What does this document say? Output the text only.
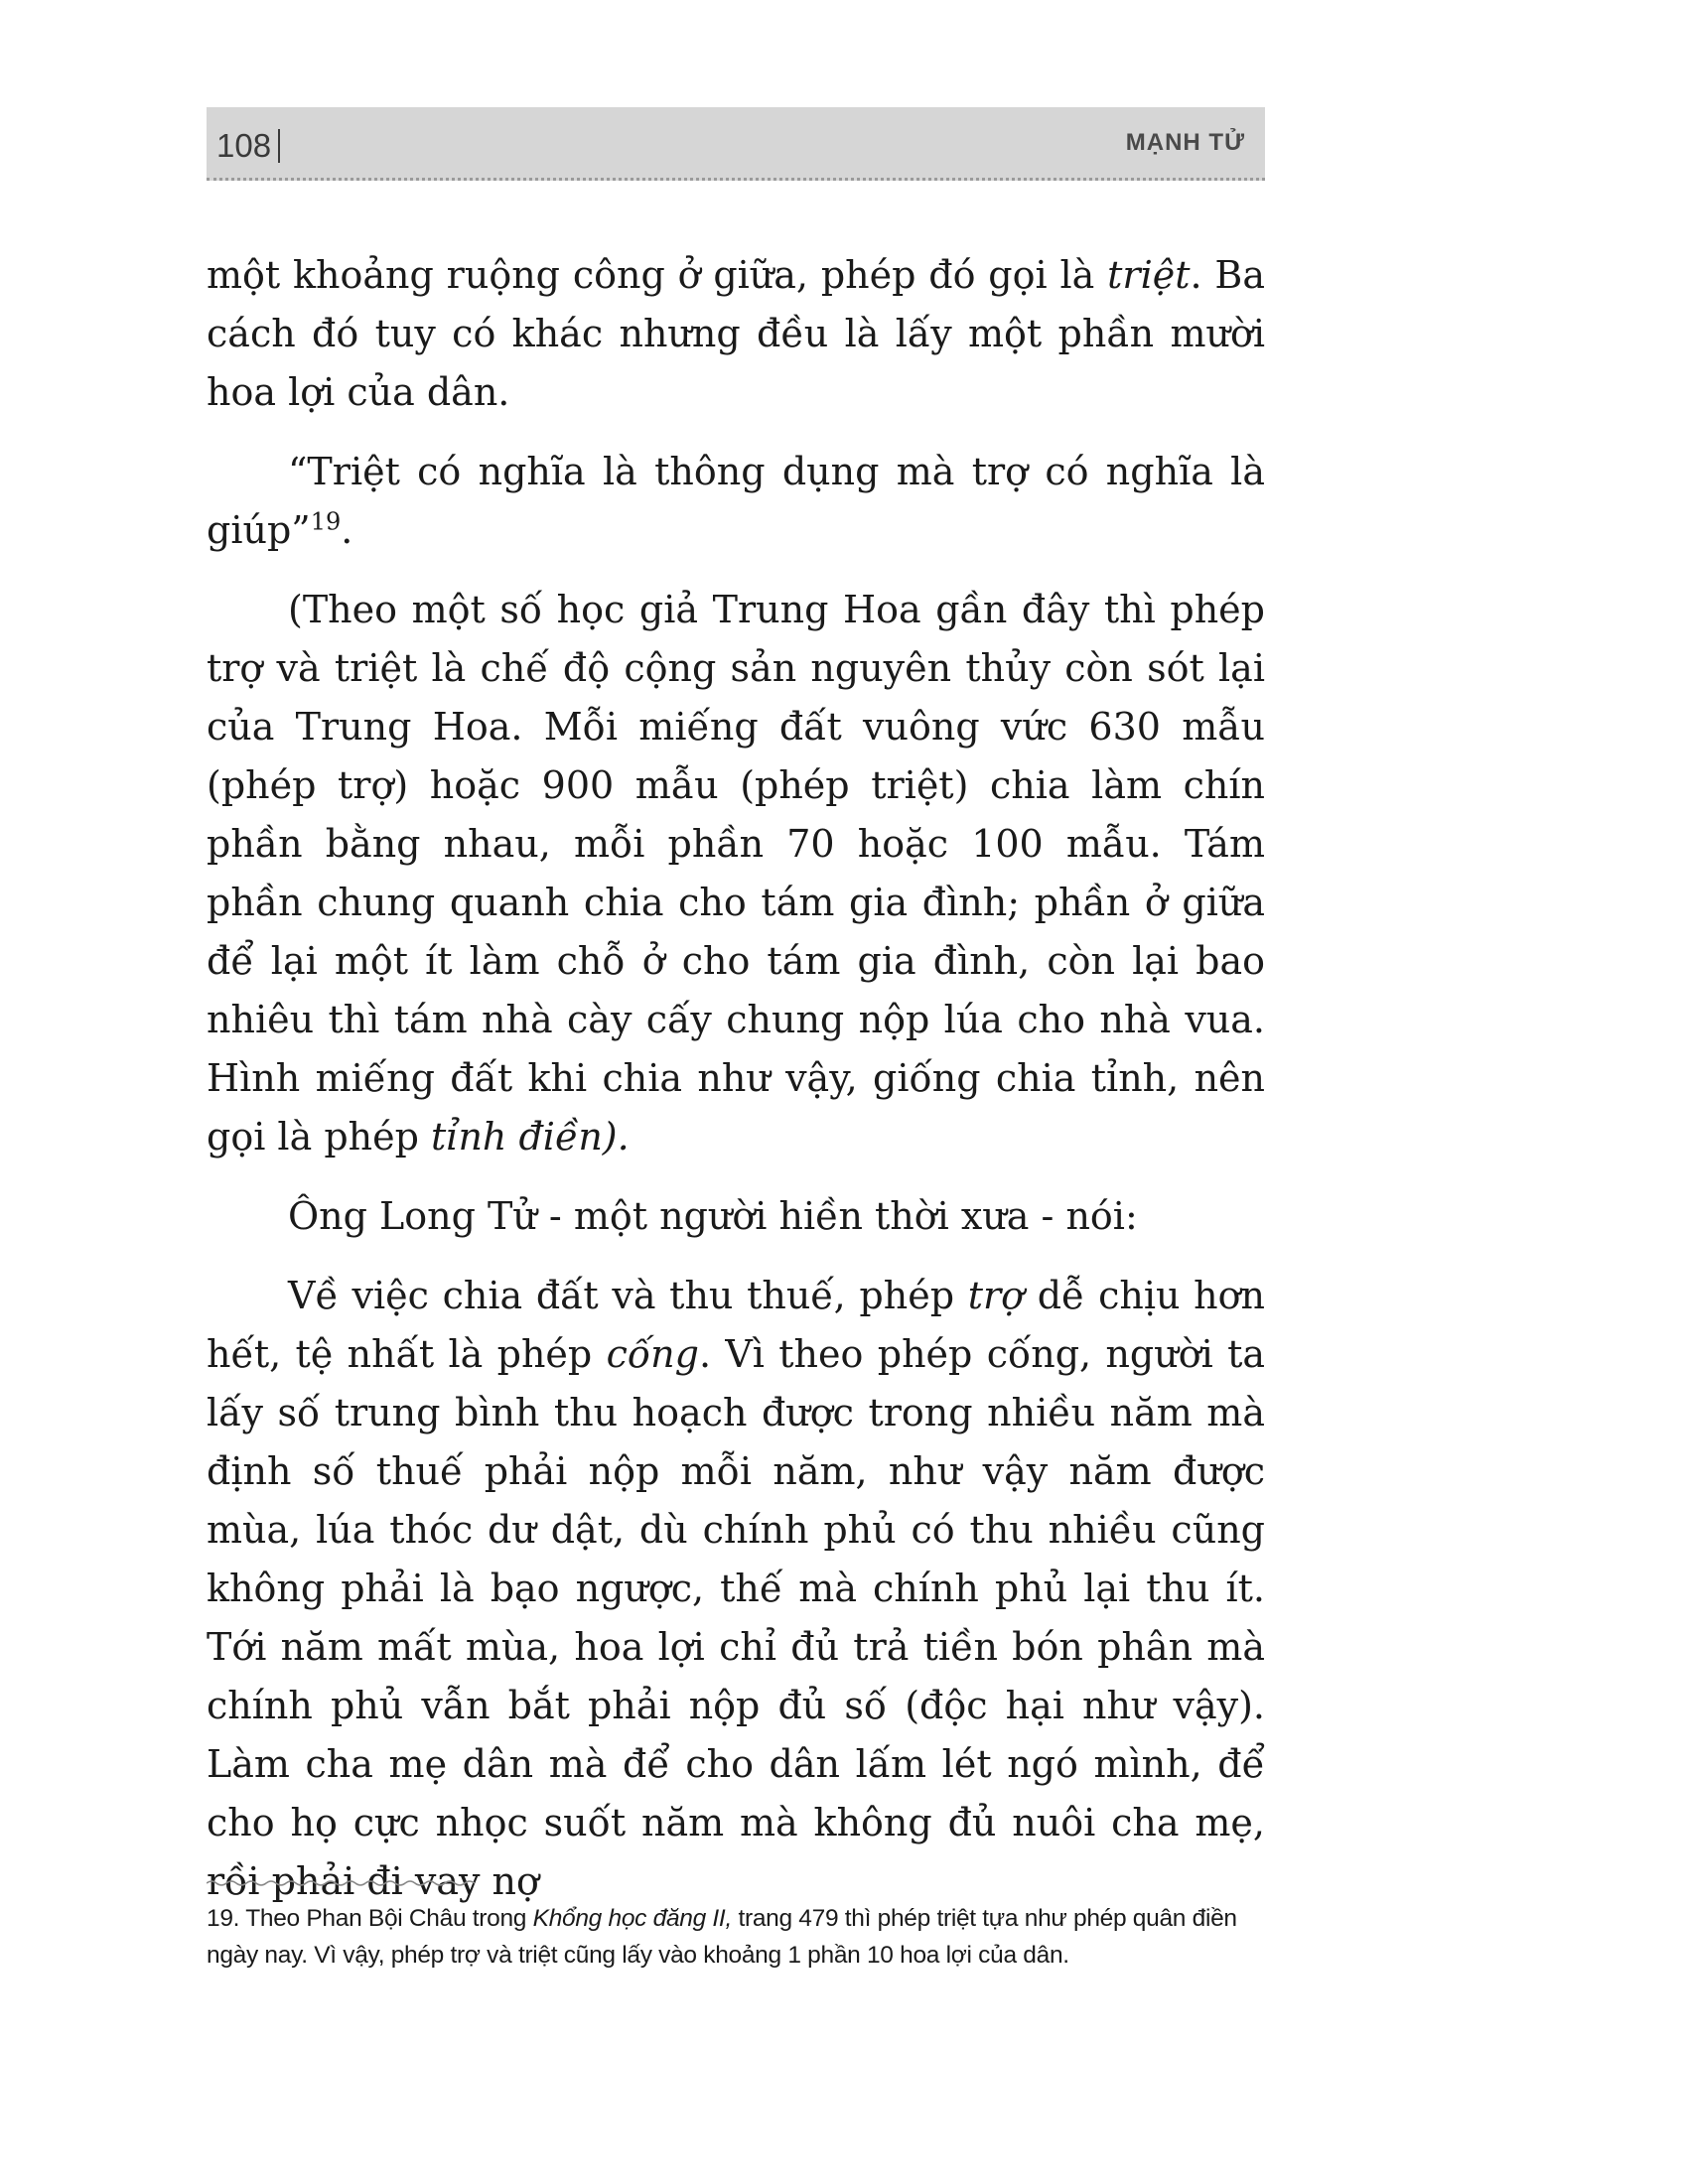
108	MẠNH TỬ

một khoảng ruộng công ở giữa, phép đó gọi là triệt. Ba cách đó tuy có khác nhưng đều là lấy một phần mười hoa lợi của dân.

“Triệt có nghĩa là thông dụng mà trợ có nghĩa là giúp”$^{19}$.

(Theo một số học giả Trung Hoa gần đây thì phép trợ và triệt là chế độ cộng sản nguyên thủy còn sót lại của Trung Hoa. Mỗi miếng đất vuông vức 630 mẫu (phép trợ) hoặc 900 mẫu (phép triệt) chia làm chín phần bằng nhau, mỗi phần 70 hoặc 100 mẫu. Tám phần chung quanh chia cho tám gia đình; phần ở giữa để lại một ít làm chỗ ở cho tám gia đình, còn lại bao nhiêu thì tám nhà cày cấy chung nộp lúa cho nhà vua. Hình miếng đất khi chia như vậy, giống chia tỉnh, nên gọi là phép tỉnh điền).

Ông Long Tử - một người hiền thời xưa - nói:

Về việc chia đất và thu thuế, phép trợ dễ chịu hơn hết, tệ nhất là phép cống. Vì theo phép cống, người ta lấy số trung bình thu hoạch được trong nhiều năm mà định số thuế phải nộp mỗi năm, như vậy năm được mùa, lúa thóc dư dật, dù chính phủ có thu nhiều cũng không phải là bạo ngược, thế mà chính phủ lại thu ít. Tới năm mất mùa, hoa lợi chỉ đủ trả tiền bón phân mà chính phủ vẫn bắt phải nộp đủ số (độc hại như vậy). Làm cha mẹ dân mà để cho dân lấm lét ngó mình, để cho họ cực nhọc suốt năm mà không đủ nuôi cha mẹ, rồi phải đi vay nợ

19. Theo Phan Bội Châu trong Khổng học đăng II, trang 479 thì phép triệt tựa như phép quân điền ngày nay. Vì vậy, phép trợ và triệt cũng lấy vào khoảng 1 phần 10 hoa lợi của dân.
